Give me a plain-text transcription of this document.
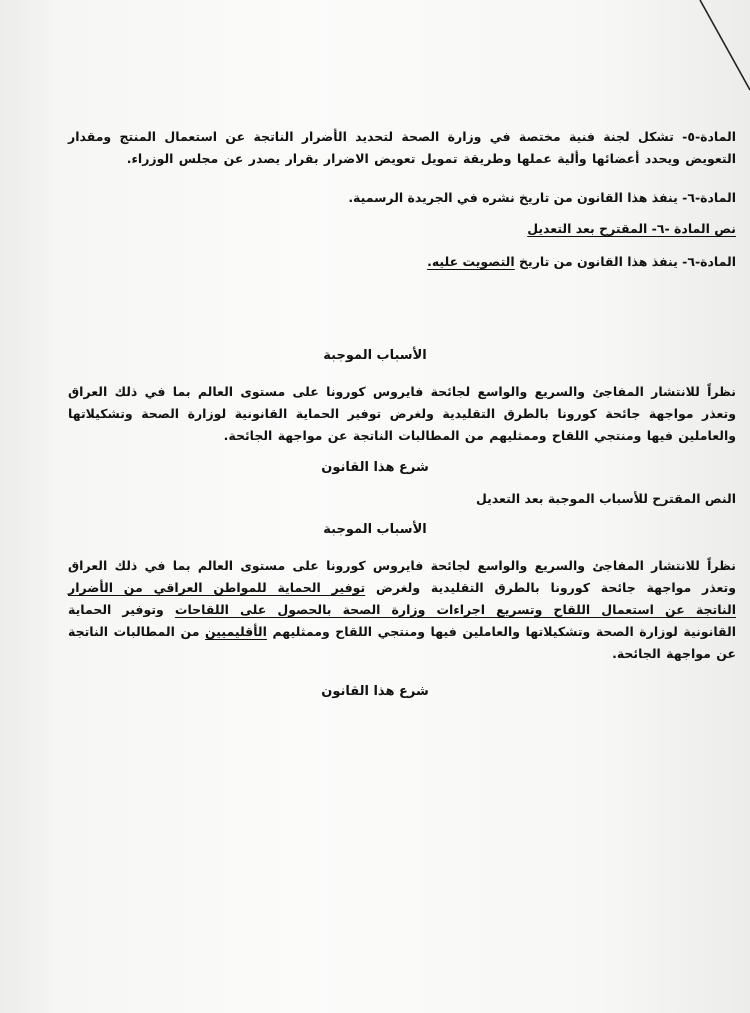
المادة-٥- تشكل لجنة فنية مختصة في وزارة الصحة لتحديد الأضرار الناتجة عن استعمال المنتج ومقدار
التعويض ويحدد أعضائها وألية عملها وطريقة تمويل تعويض الاضرار بقرار يصدر عن مجلس الوزراء.
المادة-٦- ينفذ هذا القانون من تاريخ نشره في الجريدة الرسمية.
نص المادة -٦- المقترح بعد التعديل
المادة-٦- ينفذ هذا القانون من تاريخ التصويت عليه.
الأسباب الموجبة
نظراً للانتشار المفاجئ والسريع والواسع لجائحة فايروس كورونا على مستوى العالم بما في ذلك العراق
وتعذر مواجهة جائحة كورونا بالطرق التقليدية ولغرض توفير الحماية القانونية لوزارة الصحة وتشكيلاتها
والعاملين فيها ومنتجي اللقاح وممثليهم من المطالبات الناتجة عن مواجهة الجائحة.
شرع هذا القانون
النص المقترح للأسباب الموجبة بعد التعديل
الأسباب الموجبة
نظراً للانتشار المفاجئ والسريع والواسع لجائحة فايروس كورونا على مستوى العالم بما في ذلك العراق
وتعذر مواجهة جائحة كورونا بالطرق التقليدية ولغرض توفير الحماية للمواطن العراقي من الأضرار
الناتجة عن استعمال اللقاح وتسريع اجراءات وزارة الصحة بالحصول على اللقاحات وتوفير الحماية
القانونية لوزارة الصحة وتشكيلاتها والعاملين فيها ومنتجي اللقاح وممثليهم الأقليميين من المطالبات الناتجة
عن مواجهة الجائحة.
شرع هذا القانون
